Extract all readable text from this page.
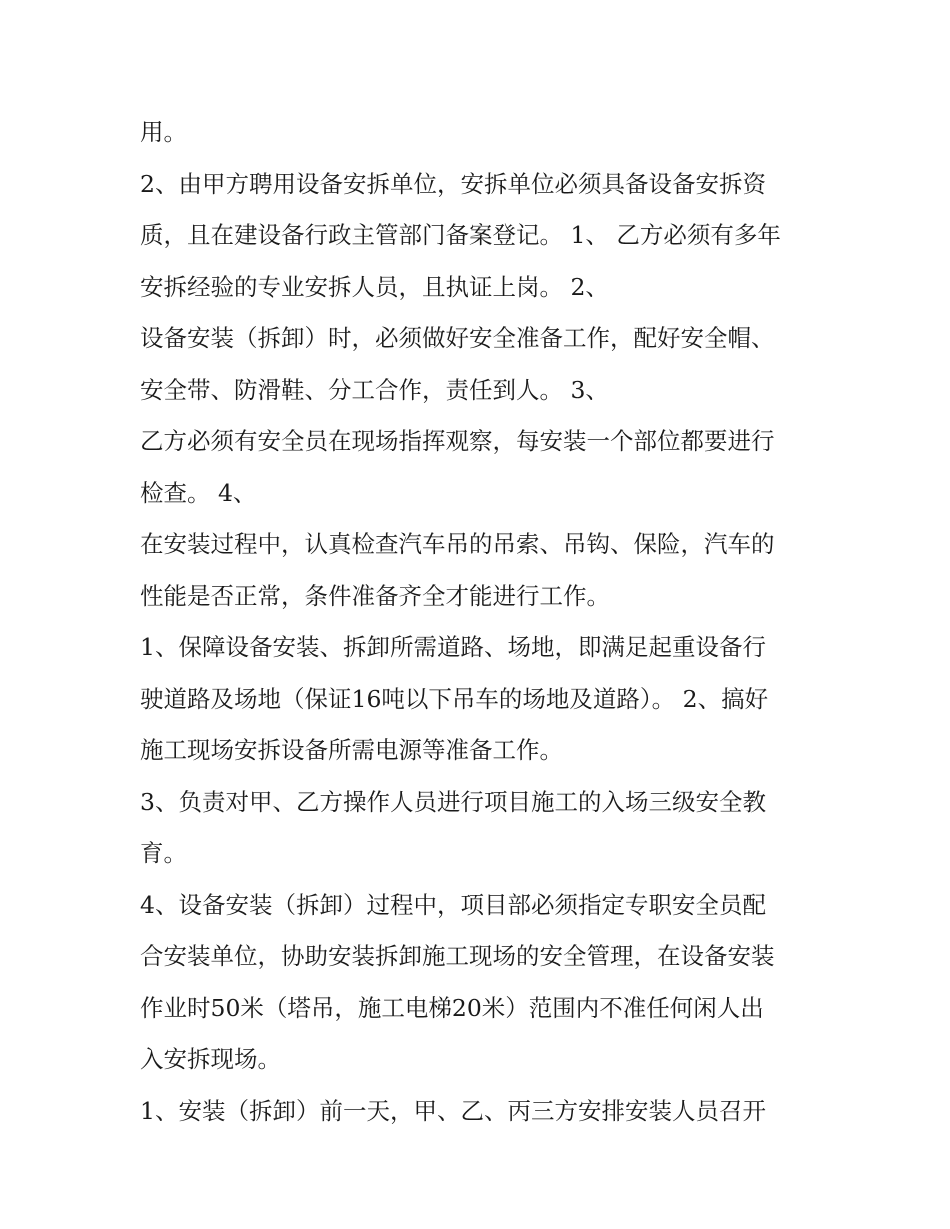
用。
2、由甲方聘用设备安拆单位，安拆单位必须具备设备安拆资
质，且在建设备行政主管部门备案登记。 1、 乙方必须有多年
安拆经验的专业安拆人员，且执证上岗。 2、
设备安装（拆卸）时，必须做好安全准备工作，配好安全帽、
安全带、防滑鞋、分工合作，责任到人。 3、
乙方必须有安全员在现场指挥观察，每安装一个部位都要进行
检查。 4、
在安装过程中，认真检查汽车吊的吊索、吊钩、保险，汽车的
性能是否正常，条件准备齐全才能进行工作。
1、保障设备安装、拆卸所需道路、场地，即满足起重设备行
驶道路及场地（保证16吨以下吊车的场地及道路）。 2、搞好
施工现场安拆设备所需电源等准备工作。
3、负责对甲、乙方操作人员进行项目施工的入场三级安全教
育。
4、设备安装（拆卸）过程中，项目部必须指定专职安全员配
合安装单位，协助安装拆卸施工现场的安全管理，在设备安装
作业时50米（塔吊，施工电梯20米）范围内不准任何闲人出
入安拆现场。
1、安装（拆卸）前一天，甲、乙、丙三方安排安装人员召开
